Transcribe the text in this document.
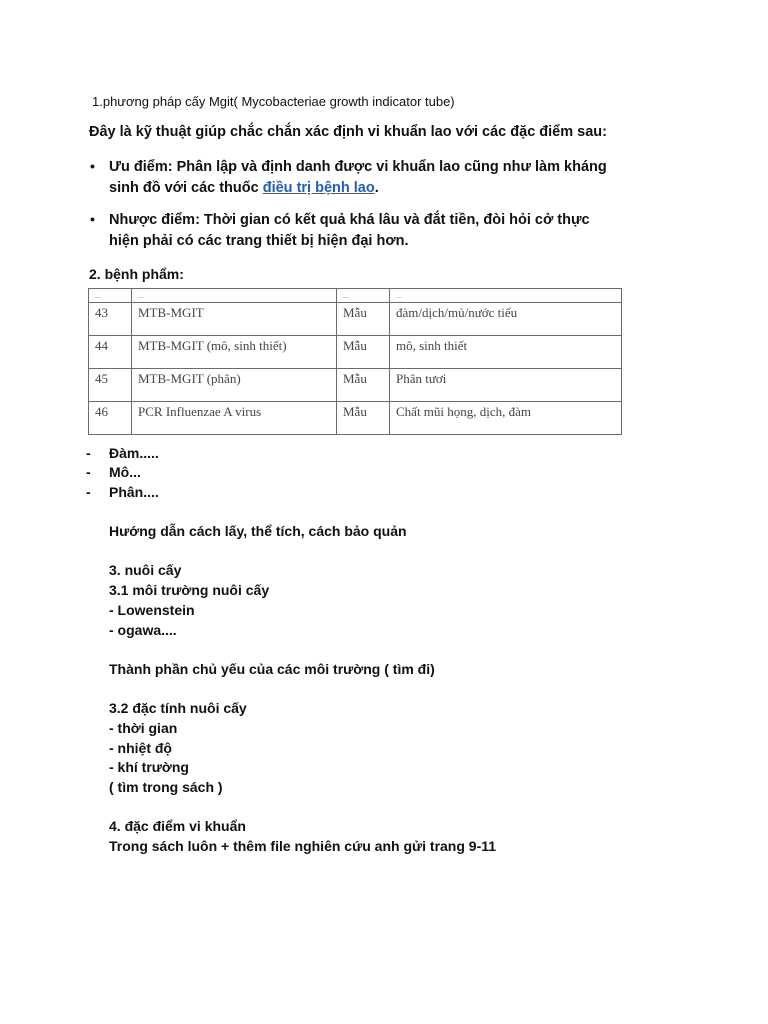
1.phương pháp cấy Mgit( Mycobacteriae growth indicator tube)
Đây là kỹ thuật giúp chắc chắn xác định vi khuẩn lao với các đặc điểm sau:
• Ưu điểm: Phân lập và định danh được vi khuẩn lao cũng như làm kháng
sinh đồ với các thuốc điều trị bệnh lao.
• Nhược điểm: Thời gian có kết quả khá lâu và đắt tiền, đòi hỏi cở thực
hiện phải có các trang thiết bị hiện đại hơn.
2. bệnh phẩm:
...	...	...	...
43	MTB-MGIT	Mẫu	đàm/dịch/mủ/nước tiểu
44	MTB-MGIT (mô, sinh thiết)	Mẫu	mô, sinh thiết
45	MTB-MGIT (phân)	Mẫu	Phân tươi
46	PCR Influenzae A virus	Mẫu	Chất mũi họng, dịch, đàm
- Đàm.....
- Mô...
- Phân....
Hướng dẫn cách lấy, thể tích, cách bảo quản
3. nuôi cấy
3.1 môi trường nuôi cấy
- Lowenstein
- ogawa....
Thành phần chủ yếu của các môi trường ( tìm đi)
3.2 đặc tính nuôi cấy
- thời gian
- nhiệt độ
- khí trường
( tìm trong sách )
4. đặc điểm vi khuẩn
Trong sách luôn + thêm file nghiên cứu anh gửi trang 9-11
